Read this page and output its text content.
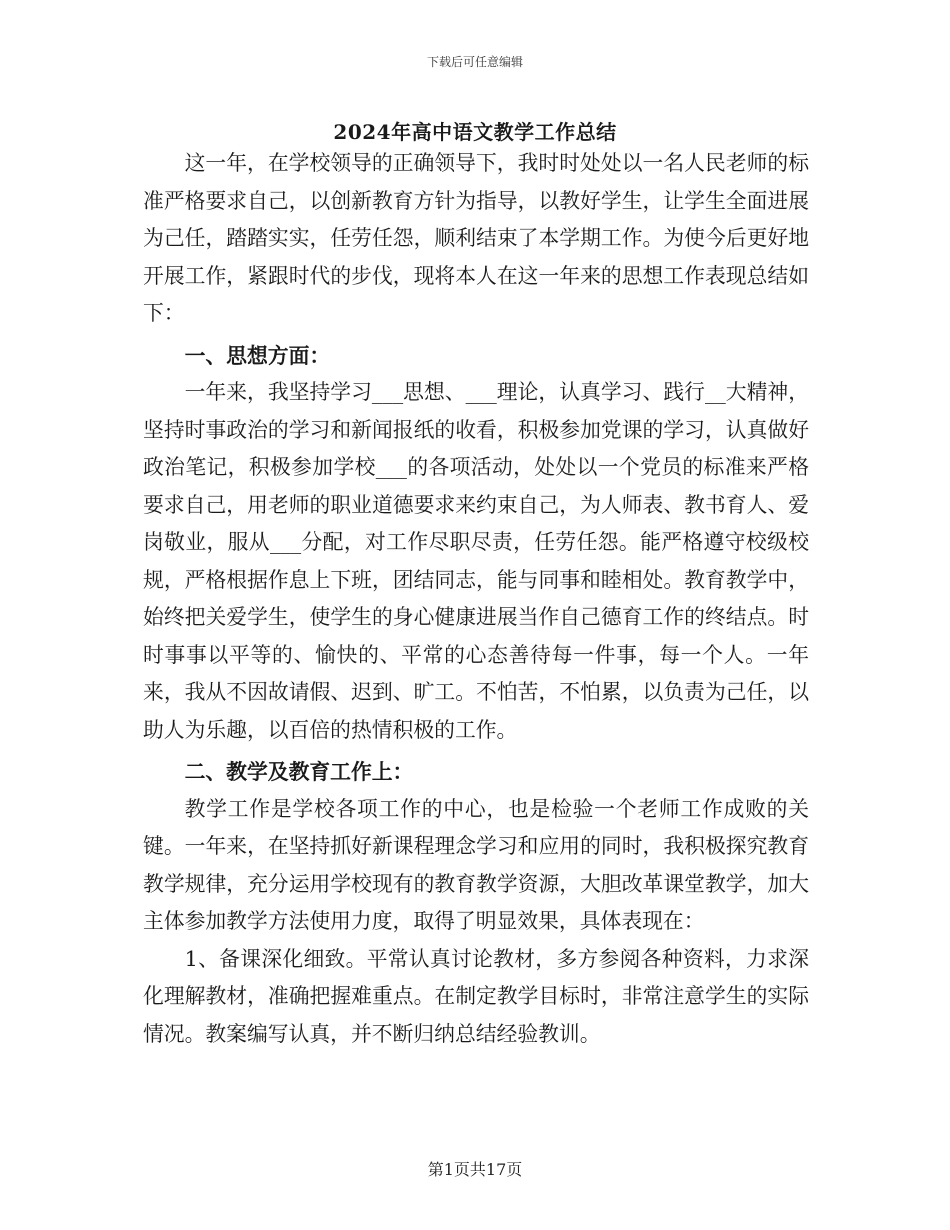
下载后可任意编辑
2024年高中语文教学工作总结

这一年，在学校领导的正确领导下，我时时处处以一名人民老师的标准严格要求自己，以创新教育方针为指导，以教好学生，让学生全面进展为己任，踏踏实实，任劳任怨，顺利结束了本学期工作。为使今后更好地开展工作，紧跟时代的步伐，现将本人在这一年来的思想工作表现总结如下：

一、思想方面：

一年来，我坚持学习___思想、___理论，认真学习、践行__大精神，坚持时事政治的学习和新闻报纸的收看，积极参加党课的学习，认真做好政治笔记，积极参加学校___的各项活动，处处以一个党员的标准来严格要求自己，用老师的职业道德要求来约束自己，为人师表、教书育人、爱岗敬业，服从___分配，对工作尽职尽责，任劳任怨。能严格遵守校级校规，严格根据作息上下班，团结同志，能与同事和睦相处。教育教学中，始终把关爱学生，使学生的身心健康进展当作自己德育工作的终结点。时时事事以平等的、愉快的、平常的心态善待每一件事，每一个人。一年来，我从不因故请假、迟到、旷工。不怕苦，不怕累，以负责为己任，以助人为乐趣，以百倍的热情积极的工作。

二、教学及教育工作上：

教学工作是学校各项工作的中心，也是检验一个老师工作成败的关键。一年来，在坚持抓好新课程理念学习和应用的同时，我积极探究教育教学规律，充分运用学校现有的教育教学资源，大胆改革课堂教学，加大主体参加教学方法使用力度，取得了明显效果，具体表现在：

1、备课深化细致。平常认真讨论教材，多方参阅各种资料，力求深化理解教材，准确把握难重点。在制定教学目标时，非常注意学生的实际情况。教案编写认真，并不断归纳总结经验教训。

第1页共17页
